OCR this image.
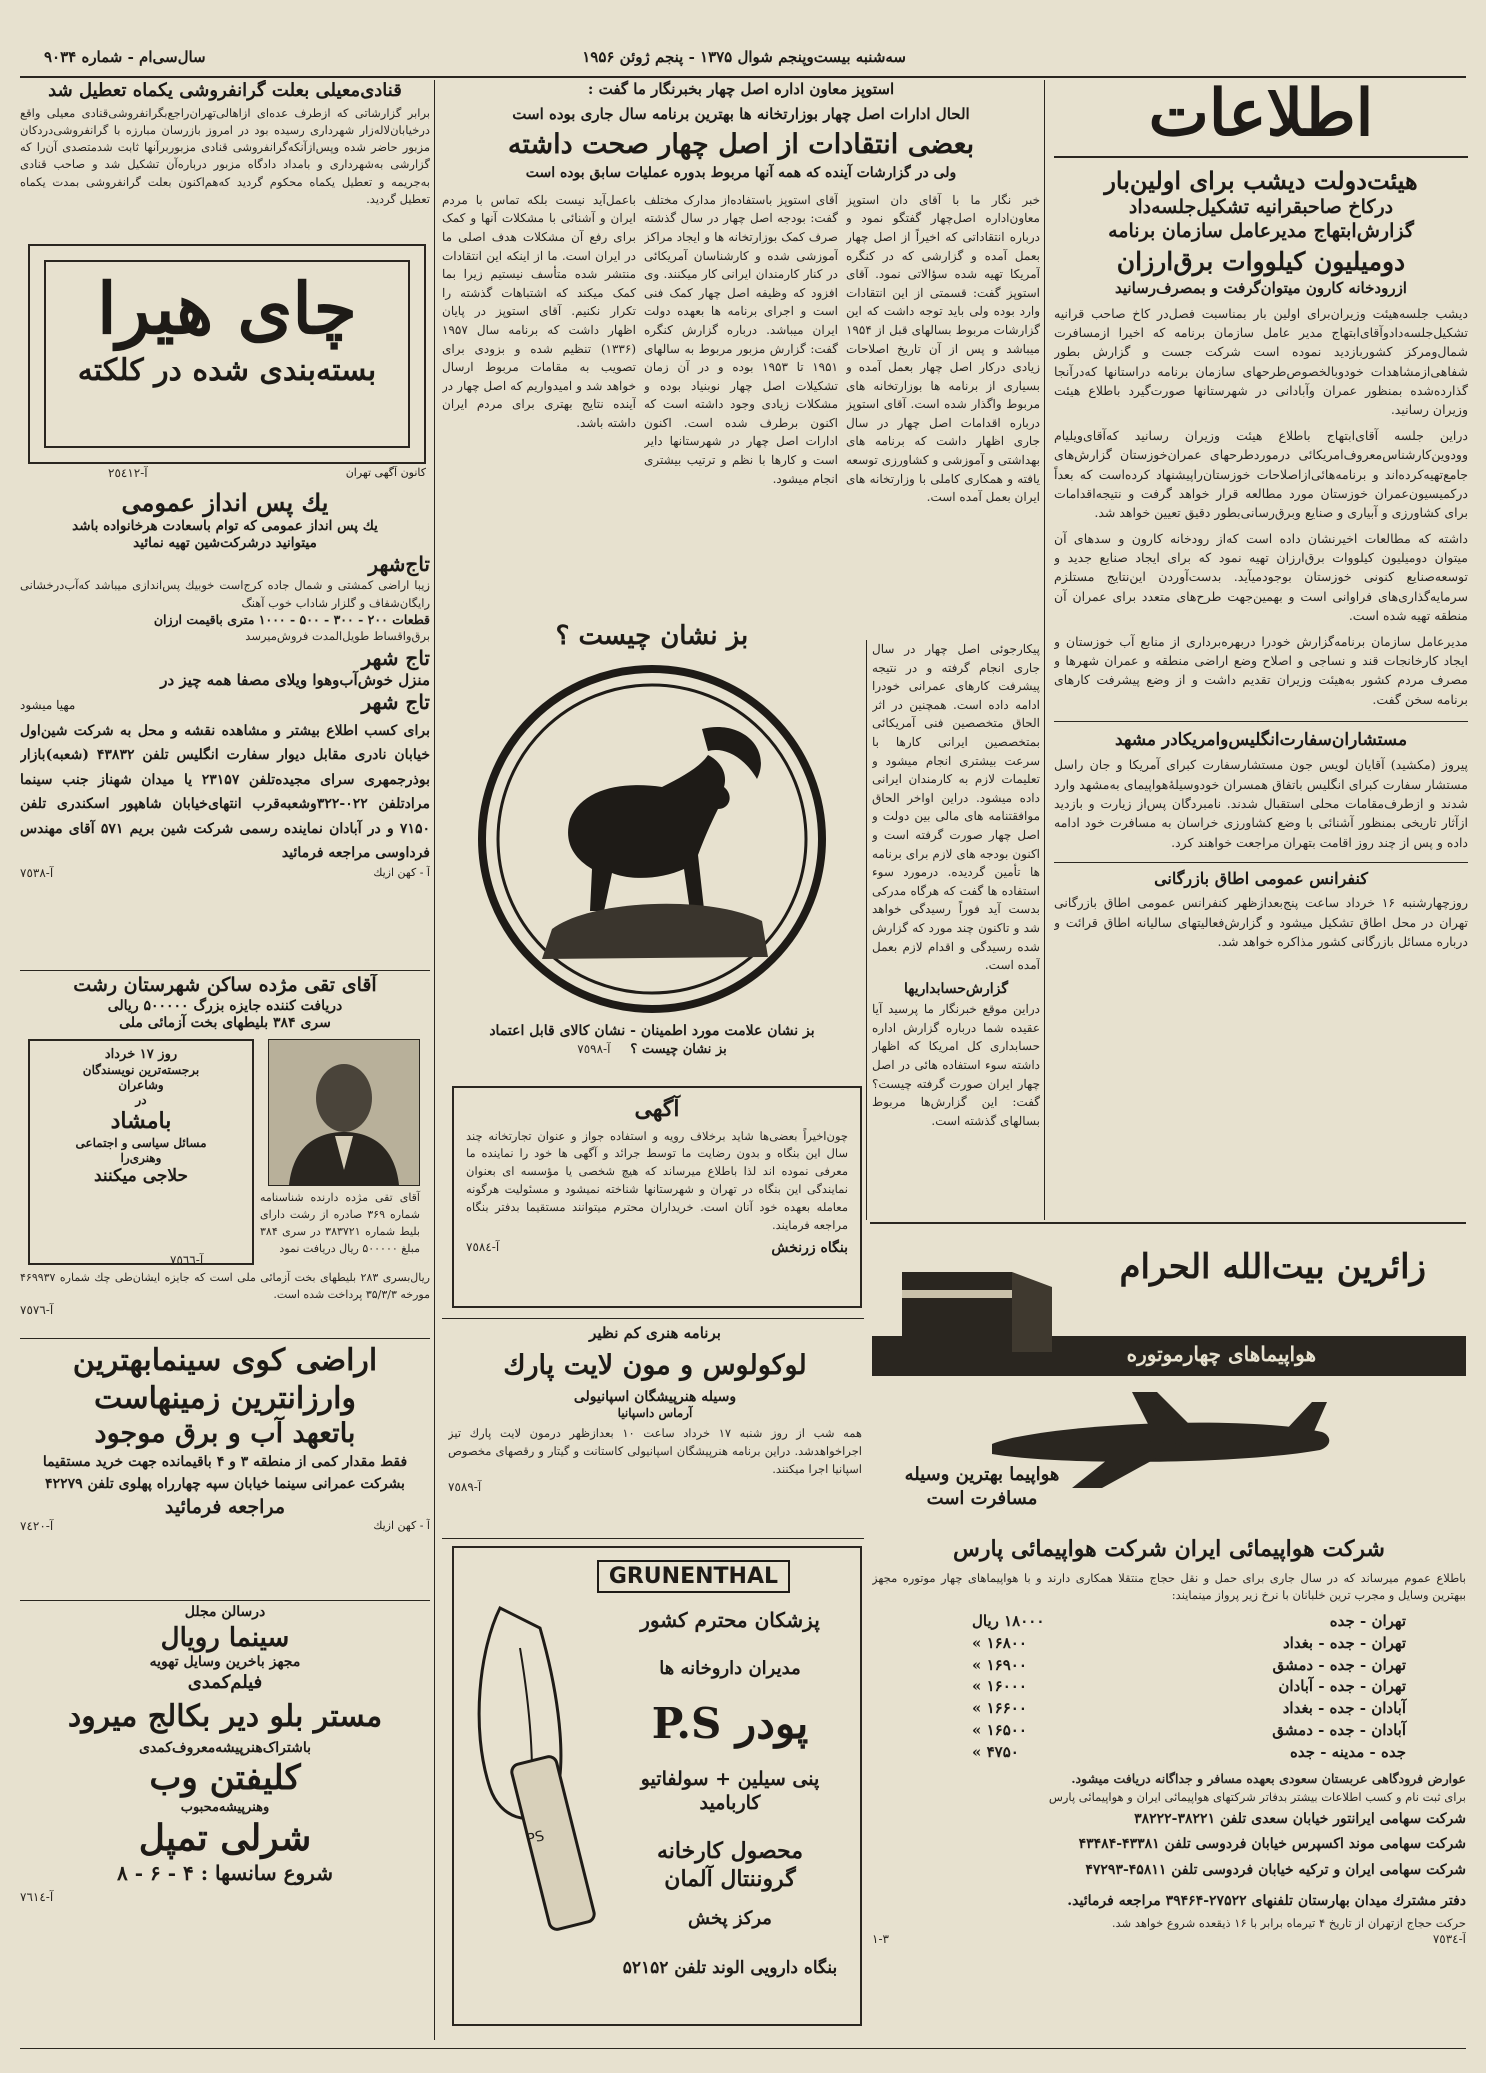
سه‌شنبه بیست‌وپنجم شوال ۱۳۷۵ - پنجم ژوئن ۱۹۵۶
سال‌سی‌ام - شماره ۹۰۳۴
اطلاعات
هیئت‌دولت دیشب برای اولین‌بار
درکاخ صاحبقرانیه تشکیل‌جلسه‌داد
گزارش‌ابتهاج مدیرعامل سازمان برنامه
دومیلیون کیلووات برق‌ارزان
ازرودخانه کارون میتوان‌گرفت و بمصرف‌رسانید
دیشب جلسه‌هیئت وزیران‌برای اولین بار بمناسبت فصل‌در کاخ صاحب قرانیه تشکیل‌جلسه‌داد‌وآقای‌ابتهاج مدیر عامل سازمان برنامه که اخیرا ازمسافرت شمال‌ومرکز کشوربازدید نموده است شرکت جست و گزارش بطور شفاهی‌ازمشاهدات خودوبالخصوص‌طرحهای سازمان برنامه دراستانها که‌درآنجا گذارده‌شده بمنظور عمران وآبادانی در شهرستانها صورت‌گیرد باطلاع هیئت وزیران رسانید.
دراین جلسه آقای‌ابتهاج باطلاع هیئت وزیران رسانید که‌آقای‌ویلیام وودوین‌کارشناس‌معروف‌امریکائی درموردطرحهای عمران‌خوزستان گزارش‌های جامع‌تهیه‌کرده‌اند و برنامه‌هائی‌ازاصلاحات خوزستان‌را‌پیشنهاد کرده‌است که بعداً درکمیسیون‌عمران خوزستان مورد مطالعه قرار خواهد گرفت و نتیجه‌اقدامات برای کشاورزی و آبیاری و صنایع وبرق‌رسانی‌بطور دقیق تعیین خواهد شد.
داشته که مطالعات اخیرنشان داده است که‌از رودخانه کارون و سدهای آن میتوان دومیلیون کیلووات برق‌ارزان تهیه نمود که برای ایجاد صنایع جدید و توسعه‌صنایع کنونی خوزستان بوجودمیآید. بدست‌آوردن این‌نتایج مستلزم سرمایه‌گذاری‌های فراوانی است و بهمین‌جهت طرح‌های متعدد برای عمران آن منطقه تهیه شده است.
مدیرعامل سازمان برنامه‌گزارش خودرا دربهره‌برداری از منابع آب خوزستان و ایجاد کارخانجات قند و نساجی و اصلاح وضع اراضی منطقه و عمران شهرها و مصرف مردم کشور به‌هیئت وزیران تقدیم داشت و از وضع پیشرفت کارهای برنامه سخن گفت.
مستشاران‌سفارت‌انگلیس‌و‌امریکادر مشهد
پیروز (مکشید) آقایان لویس جون مستشارسفارت کبرای آمریکا و جان راسل مستشار سفارت کبرای انگلیس باتفاق همسران خودوسیلۀ‌هواپیمای به‌مشهد وارد شدند و ازطرف‌مقامات محلی استقبال شدند. نامبردگان پس‌از زیارت و بازدید ازآثار تاریخی بمنظور آشنائی با وضع کشاورزی خراسان به مسافرت خود ادامه داده و پس از چند روز اقامت بتهران مراجعت خواهند کرد.
کنفرانس عمومی اطاق بازرگانی
روزچهارشنبه ۱۶ خرداد ساعت پنج‌بعدازظهر کنفرانس عمومی اطاق بازرگانی تهران در محل اطاق تشکیل میشود و گزارش‌فعالیتهای سالیانه اطاق قرائت و درباره مسائل بازرگانی کشور مذاکره خواهد شد.
استوپز معاون اداره اصل چهار بخبرنگار ما گفت :
الحال ادارات اصل چهار بوزارتخانه ها بهترین برنامه سال جاری بوده است
بعضی انتقادات از اصل چهار صحت داشته
ولی در گزارشات آینده که همه آنها مربوط بدوره عملیات سابق بوده است
خبر نگار ما با آقای دان استوپز معاون‌اداره اصل‌چهار گفتگو نمود و درباره انتقاداتی که اخیراً از اصل چهار بعمل آمده و گزارشی که در کنگره آمریکا تهیه شده سؤالاتی نمود. آقای استوپز گفت: قسمتی از این انتقادات وارد بوده ولی باید توجه داشت که این گزارشات مربوط بسالهای قبل از ۱۹۵۴ میباشد و پس از آن تاریخ اصلاحات زیادی درکار اصل چهار بعمل آمده و بسیاری از برنامه ها بوزارتخانه های مربوط واگذار شده است. آقای استوپز درباره اقدامات اصل چهار در سال جاری اظهار داشت که برنامه های بهداشتی و آموزشی و کشاورزی توسعه یافته و همکاری کاملی با وزارتخانه های ایران بعمل آمده است.
آقای استوپز باستفاده‌از مدارک مختلف گفت: بودجه اصل چهار در سال گذشته صرف کمک بوزارتخانه ها و ایجاد مراکز آموزشی شده و کارشناسان آمریکائی در کنار کارمندان ایرانی کار میکنند. وی افزود که وظیفه اصل چهار کمک فنی است و اجرای برنامه ها بعهده دولت ایران میباشد. درباره گزارش کنگره گفت: گزارش مزبور مربوط به سالهای ۱۹۵۱ تا ۱۹۵۳ بوده و در آن زمان تشکیلات اصل چهار نوبنیاد بوده و مشکلات زیادی وجود داشته است که اکنون برطرف شده است. اکنون ادارات اصل چهار در شهرستانها دایر است و کارها با نظم و ترتیب بیشتری انجام میشود.
باعمل‌آید نیست بلکه تماس با مردم ایران و آشنائی با مشکلات آنها و کمک برای رفع آن مشکلات هدف اصلی ما در ایران است. ما از اینکه این انتقادات منتشر شده متأسف نیستیم زیرا بما کمک میکند که اشتباهات گذشته را تکرار نکنیم. آقای استوپز در پایان اظهار داشت که برنامه سال ۱۹۵۷ (۱۳۳۶) تنظیم شده و بزودی برای تصویب به مقامات مربوط ارسال خواهد شد و امیدواریم که اصل چهار در آینده نتایج بهتری برای مردم ایران داشته باشد.
پیکارجوئی اصل چهار در سال جاری انجام گرفته و در نتیجه پیشرفت کارهای عمرانی خودرا ادامه داده است. همچنین در اثر الحاق متخصصین فنی آمریکائی بمتخصصین ایرانی کارها با سرعت بیشتری انجام میشود و تعلیمات لازم به کارمندان ایرانی داده میشود. دراین اواخر الحاق موافقتنامه های مالی بین دولت و اصل چهار صورت گرفته است و اکنون بودجه های لازم برای برنامه ها تأمین گردیده. درمورد سوء استفاده ها گفت که هرگاه مدرکی بدست آید فوراً رسیدگی خواهد شد و تاکنون چند مورد که گزارش شده رسیدگی و اقدام لازم بعمل آمده است.
گزارش‌حسابداریها
دراین موقع خبرنگار ما پرسید آیا عقیده شما درباره گزارش اداره حسابداری کل امریکا که اظهار داشته سوء استفاده هائی در اصل چهار ایران صورت گرفته چیست؟ گفت: این گزارش‌ها مربوط بسالهای گذشته است.
بز نشان چیست ؟
بز نشان علامت مورد اطمینان - نشان کالای قابل اعتماد
بز نشان چیست ؟
آ-٧٥٩٨
آگهی
چون‌اخیراً بعضی‌ها شاید برخلاف رویه و استفاده جواز و عنوان تجارتخانه چند سال این بنگاه و بدون رضایت ما توسط جرائد و آگهی ها خود را نماینده ما معرفی نموده اند لذا باطلاع میرساند که هیچ شخصی یا مؤسسه ای بعنوان نمایندگی این بنگاه در تهران و شهرستانها شناخته نمیشود و مسئولیت هرگونه معامله بعهده خود آنان است. خریداران محترم میتوانند مستقیما بدفتر بنگاه مراجعه فرمایند.
بنگاه زرنخش
آ-٧٥٨٤
برنامه هنری کم نظیر
لوکولوس و مون لایت پارك
وسیله هنرپیشگان اسپانیولی
آرماس داسپانیا
همه شب از روز شنبه ۱۷ خرداد ساعت ۱۰ بعدازظهر درمون لایت پارك تیز اجراخواهدشد. دراین برنامه هنرپیشگان اسپانیولی کاستانت و گیتار و رقصهای مخصوص اسپانیا اجرا میکنند.
آ-٧٥٨٩
PS
GRUNENTHAL
پزشکان محترم کشور
مدیران داروخانه ها
پودر P.S
پنی سیلین + سولفاتیو کارباميد
محصول کارخانه گروننتال آلمان
مرکز پخش
بنگاه دارویی الوند تلفن ۵۲۱۵۲
زائرین بیت‌الله الحرام
هواپیماهای چهارموتوره
هواپیما بهترین وسیله
مسافرت است
شرکت هواپیمائی ایران شرکت هواپیمائی پارس
باطلاع عموم میرساند که در سال جاری برای حمل و نقل حجاج منتقلا همکاری دارند و با هواپیماهای چهار موتوره مجهز ببهترین وسایل و مجرب ترین خلبانان با نرخ زیر پرواز مینمایند:
تهران - جده
۱۸۰۰۰ ریال
تهران - جده - بغداد
۱۶۸۰۰ »
تهران - جده - دمشق
۱۶۹۰۰ »
تهران - جده - آبادان
۱۶۰۰۰ »
آبادان - جده - بغداد
۱۶۶۰۰ »
آبادان - جده - دمشق
۱۶۵۰۰ »
جده - مدینه - جده
۴۷۵۰ »
عوارض فرودگاهی عربستان سعودی بعهده مسافر و جداگانه دریافت میشود.
برای ثبت نام و کسب اطلاعات بیشتر بدفاتر شرکتهای هواپیمائی ایران و هواپیمائی پارس
شرکت سهامی ایرانتور خیابان سعدی تلفن ۳۸۲۲۱-۳۸۲۲۲
شرکت سهامی موند اکسپرس خیابان فردوسی تلفن ۴۳۳۸۱-۴۳۴۸۴
شرکت سهامی ایران و ترکیه خیابان فردوسی تلفن ۴۵۸۱۱-۴۷۲۹۳
دفتر مشترك میدان بهارستان تلفنهای ۲۷۵۲۲-۳۹۴۶۴ مراجعه فرمائید.
حرکت حجاج ازتهران از تاریخ ۴ تیرماه برابر با ۱۶ ذیقعده شروع خواهد شد.
آ-٧٥٣٤
٣-١
قنادی‌معیلی بعلت گرانفروشی یکماه تعطیل شد
برابر گزارشاتی که ازطرف عده‌ای ازاهالی‌تهران‌راجع‌بگرانفروشی‌قنادی معیلی واقع درخیابان‌لاله‌زار شهرداری رسیده بود در امروز بازرسان مبارزه با گرانفروشی‌دردکان مزبور حاضر شده وپس‌ازآنکه‌گرانفروشی قنادی مزبوربرآنها ثابت شدمتصدی آن‌را که گزارشی به‌شهرداری و بامداد دادگاه مزبور درباره‌آن تشکیل شد و صاحب قنادی به‌جریمه و تعطیل یکماه محکوم گردید که‌هم‌اکنون بعلت گرانفروشی بمدت یکماه تعطیل گردید.
چای هیرا
بسته‌بندی شده در کلکته
کانون آگهی تهران
آ-٢٥٤١٢
یك پس انداز عمومی
یك پس انداز عمومی که توام باسعادت هرخانواده باشد
میتوانید درشرکت‌شین تهیه نمائید
تاج‌شهر
زیبا اراضی کمشتی و شمال جاده کرج‌است خوبیك پس‌اندازی میباشد که‌آب‌درخشانی رایگان‌شفاف و گلزار شاداب خوب آهنگ
قطعات ۲۰۰ - ۳۰۰ - ۵۰۰ - ۱۰۰۰ متری باقیمت ارزان
برق‌واقساط طویل‌المدت فروش‌میرسد
تاج شهر
منزل خوش‌آب‌وهوا ویلای مصفا همه چیز در
تاج شهر
مهیا میشود
برای کسب اطلاع بیشتر و مشاهده نقشه و محل به شرکت شین‌اول خیابان نادری مقابل دیوار سفارت انگلیس تلفن ۴۳۸۳۲ (شعبه)بازار بوذرجمهری سرای مجید‌ه‌تلفن ۲۳۱۵۷ یا میدان شهناز جنب سینما مرادتلفن ۰۲۲-۳۲۲‌وشعبه‌قرب انتهای‌خیابان شاهپور‌ اسکندری تلفن ۷۱۵۰ و در آبادان نماینده رسمی شرکت شین بریم ۵۷۱ آقای مهندس فرداوسی مراجعه فرمائید
آ - کهن ازیك
آ-٧٥٣٨
آقای تقی مژده ساکن شهرستان رشت
دریافت کننده جایزه بزرگ ۵۰۰۰۰۰ ریالی
سری ۳۸۴ بلیطهای بخت آزمائی ملی
آقای تقی مژده دارنده شناسنامه شماره ۳۶۹ صادره از رشت دارای بلیط شماره ۳۸۳۷۲۱ در سری ۳۸۴ مبلغ ۵۰۰۰۰۰ ریال دریافت نمود
روز ۱۷ خرداد
برجسته‌ترین نویسندگان
وشاعران
در
بامشاد
مسائل سیاسی و اجتماعی
وهنری‌را
حلاجی میکنند
آ-٧٥٦٦
ریال‌بسری ۲۸۳ بلیطهای بخت آزمائی ملی است که جایزه ایشان‌طی چك شماره ۴۶۹۹۳۷ مورخه ۳۵/۳/۳ پرداخت شده است.
آ-٧٥٧٦
اراضی کوی سینمابهترین
وارزانترین زمینهاست
باتعهد آب و برق موجود
فقط مقدار کمی از منطقه ۳ و ۴ باقیمانده جهت خرید مستقیما بشرکت عمرانی سینما خیابان سپه چهارراه پهلوی تلفن ۴۲۲۷۹
مراجعه فرمائید
آ - کهن ازیك
آ-٧٤٢٠
درسالن مجلل
سینما رویال
مجهز باخرین وسایل تهویه
فیلم‌کمدی
مستر بلو دیر بکالج میرود
باشتراک‌هنرپیشه‌معروف‌کمدی
کلیفتن وب
وهنرپیشه‌محبوب
شرلی تمپل
شروع سانسها : ۴ - ۶ - ۸
آ-٧٦١٤
